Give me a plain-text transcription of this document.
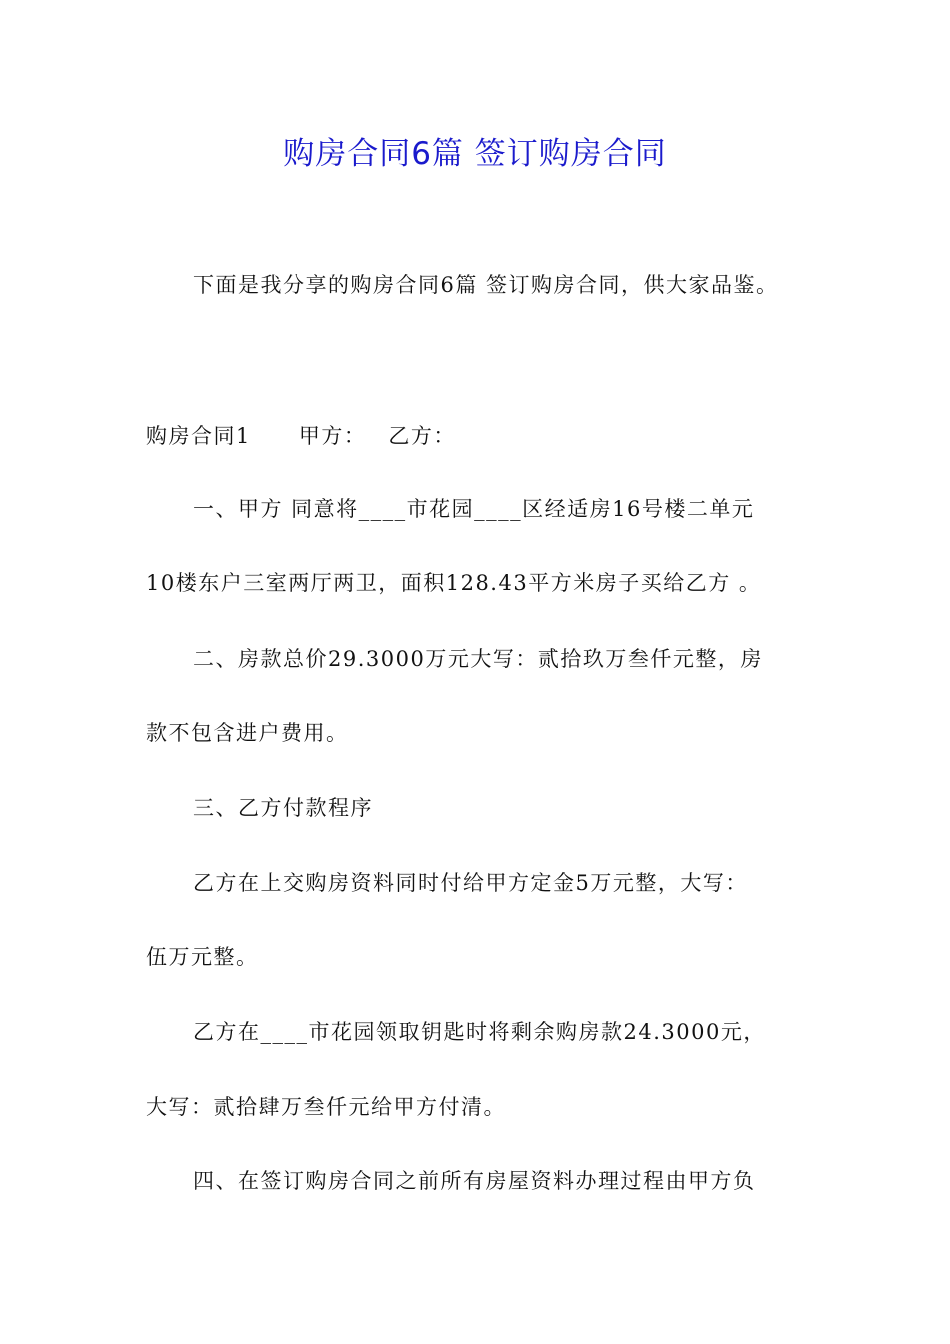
购房合同6篇 签订购房合同
下面是我分享的购房合同6篇 签订购房合同，供大家品鉴。
购房合同1 甲方： 乙方：
一、甲方 同意将____市花园____区经适房16号楼二单元
10楼东户三室两厅两卫，面积128.43平方米房子买给乙方 。
二、房款总价29.3000万元大写：贰拾玖万叁仟元整，房
款不包含进户费用。
三、乙方付款程序
乙方在上交购房资料同时付给甲方定金5万元整，大写：
伍万元整。
乙方在____市花园领取钥匙时将剩余购房款24.3000元，
大写：贰拾肆万叁仟元给甲方付清。
四、在签订购房合同之前所有房屋资料办理过程由甲方负
